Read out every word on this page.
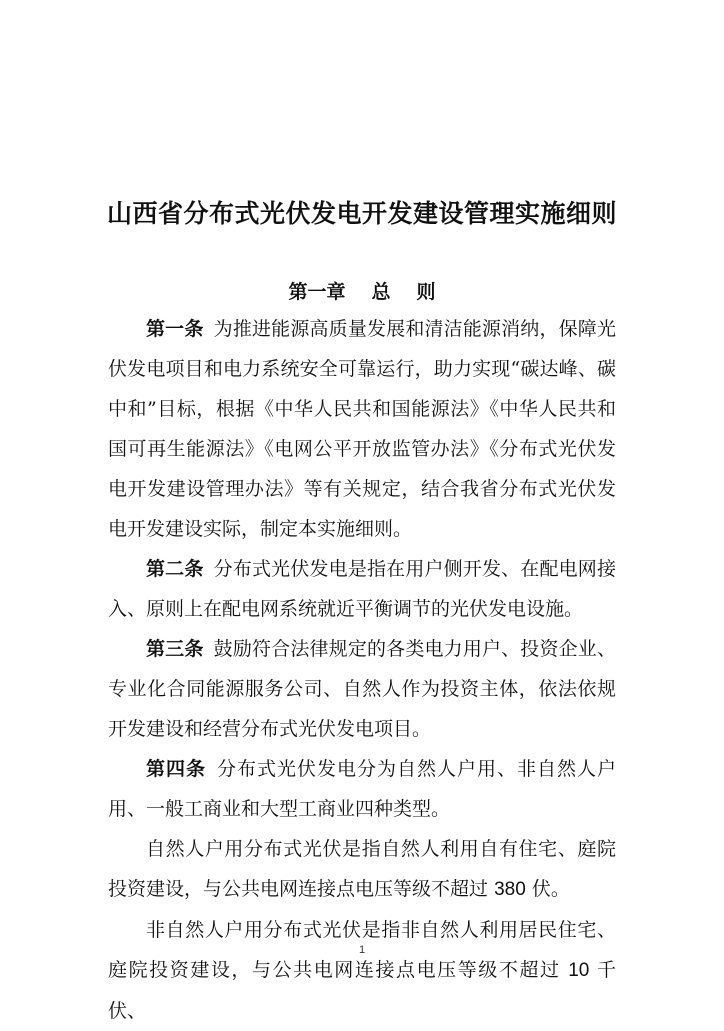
山西省分布式光伏发电开发建设管理实施细则
第一章 总 则

第一条 为推进能源高质量发展和清洁能源消纳，保障光伏发电项目和电力系统安全可靠运行，助力实现“碳达峰、碳中和”目标，根据《中华人民共和国能源法》《中华人民共和国可再生能源法》《电网公平开放监管办法》《分布式光伏发电开发建设管理办法》等有关规定，结合我省分布式光伏发电开发建设实际，制定本实施细则。

第二条 分布式光伏发电是指在用户侧开发、在配电网接入、原则上在配电网系统就近平衡调节的光伏发电设施。

第三条 鼓励符合法律规定的各类电力用户、投资企业、专业化合同能源服务公司、自然人作为投资主体，依法依规开发建设和经营分布式光伏发电项目。

第四条 分布式光伏发电分为自然人户用、非自然人户用、一般工商业和大型工商业四种类型。

自然人户用分布式光伏是指自然人利用自有住宅、庭院投资建设，与公共电网连接点电压等级不超过 380 伏。

非自然人户用分布式光伏是指非自然人利用居民住宅、庭院投资建设，与公共电网连接点电压等级不超过 10 千伏、

1
